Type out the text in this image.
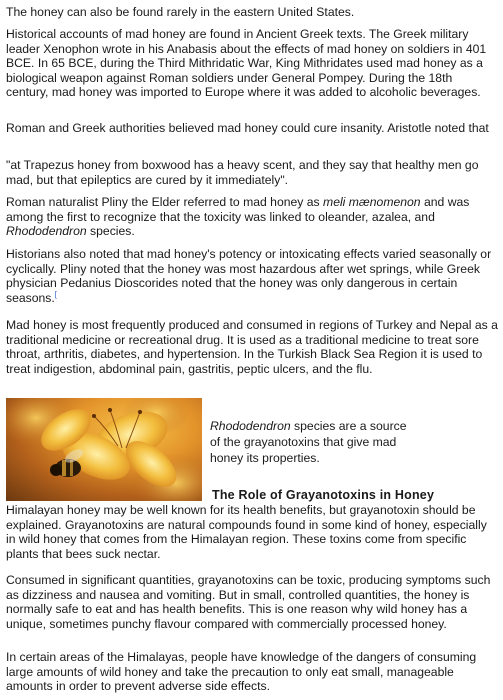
The honey can also be found rarely in the eastern United States.

Historical accounts of mad honey are found in Ancient Greek texts. The Greek military leader Xenophon wrote in his Anabasis about the effects of mad honey on soldiers in 401 BCE. In 65 BCE, during the Third Mithridatic War, King Mithridates used mad honey as a biological weapon against Roman soldiers under General Pompey. During the 18th century, mad honey was imported to Europe where it was added to alcoholic beverages.

Roman and Greek authorities believed mad honey could cure insanity. Aristotle noted that

"at Trapezus honey from boxwood has a heavy scent, and they say that healthy men go mad, but that epileptics are cured by it immediately".

Roman naturalist Pliny the Elder referred to mad honey as meli mænomenon and was among the first to recognize that the toxicity was linked to oleander, azalea, and Rhododendron species.

Historians also noted that mad honey's potency or intoxicating effects varied seasonally or cyclically. Pliny noted that the honey was most hazardous after wet springs, while Greek physician Pedanius Dioscorides noted that the honey was only dangerous in certain seasons.[

Mad honey is most frequently produced and consumed in regions of Turkey and Nepal as a traditional medicine or recreational drug. It is used as a traditional medicine to treat sore throat, arthritis, diabetes, and hypertension. In the Turkish Black Sea Region it is used to treat indigestion, abdominal pain, gastritis, peptic ulcers, and the flu.

Rhododendron species are a source of the grayanotoxins that give mad honey its properties.
The Role of Grayanotoxins in Honey

Himalayan honey may be well known for its health benefits, but grayanotoxin should be explained. Grayanotoxins are natural compounds found in some kind of honey, especially in wild honey that comes from the Himalayan region. These toxins come from specific plants that bees suck nectar.

Consumed in significant quantities, grayanotoxins can be toxic, producing symptoms such as dizziness and nausea and vomiting. But in small, controlled quantities, the honey is normally safe to eat and has health benefits. This is one reason why wild honey has a unique, sometimes punchy flavour compared with commercially processed honey.

In certain areas of the Himalayas, people have knowledge of the dangers of consuming large amounts of wild honey and take the precaution to only eat small, manageable amounts in order to prevent adverse side effects.
